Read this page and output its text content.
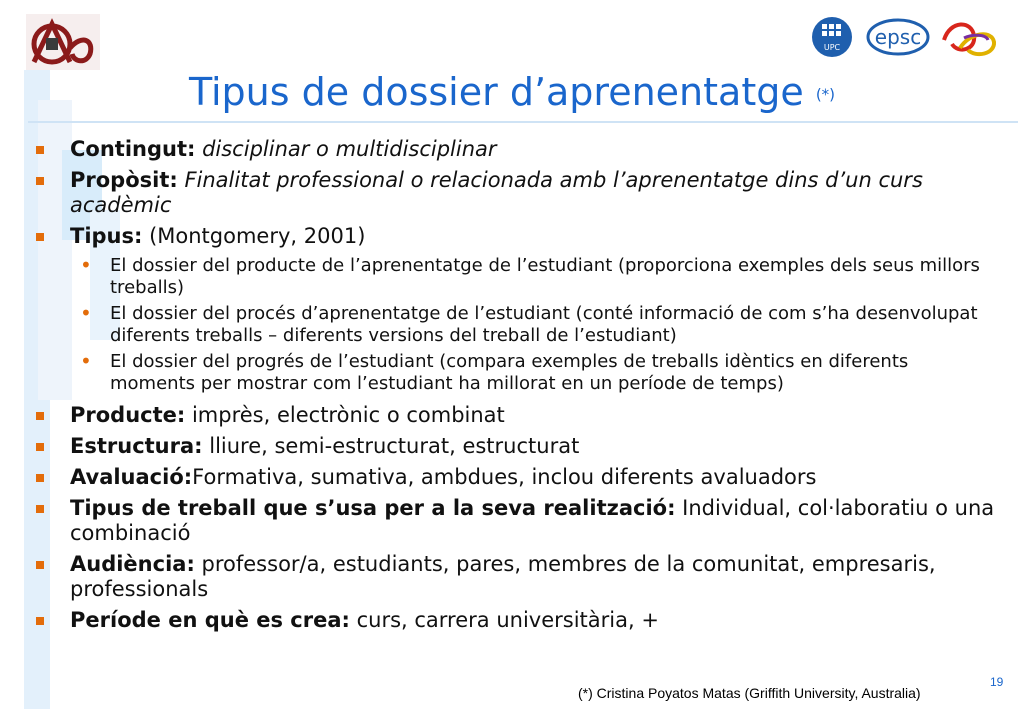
UPC epsc
Tipus de dossier d’aprenentatge (*)
Contingut: disciplinar o multidisciplinar
Propòsit: Finalitat professional o relacionada amb l’aprenentatge dins d’un curs acadèmic
Tipus: (Montgomery, 2001)
• El dossier del producte de l’aprenentatge de l’estudiant (proporciona exemples dels seus millors treballs)
• El dossier del procés d’aprenentatge de l’estudiant (conté informació de com s’ha desenvolupat diferents treballs – diferents versions del treball de l’estudiant)
• El dossier del progrés de l’estudiant (compara exemples de treballs idèntics en diferents moments per mostrar com l’estudiant ha millorat en un període de temps)
Producte: imprès, electrònic o combinat
Estructura: lliure, semi-estructurat, estructurat
Avaluació:Formativa, sumativa, ambdues, inclou diferents avaluadors
Tipus de treball que s’usa per a la seva realització: Individual, col·laboratiu o una combinació
Audiència: professor/a, estudiants, pares, membres de la comunitat, empresaris, professionals
Període en què es crea: curs, carrera universitària, +
19
(*) Cristina Poyatos Matas (Griffith University, Australia)
